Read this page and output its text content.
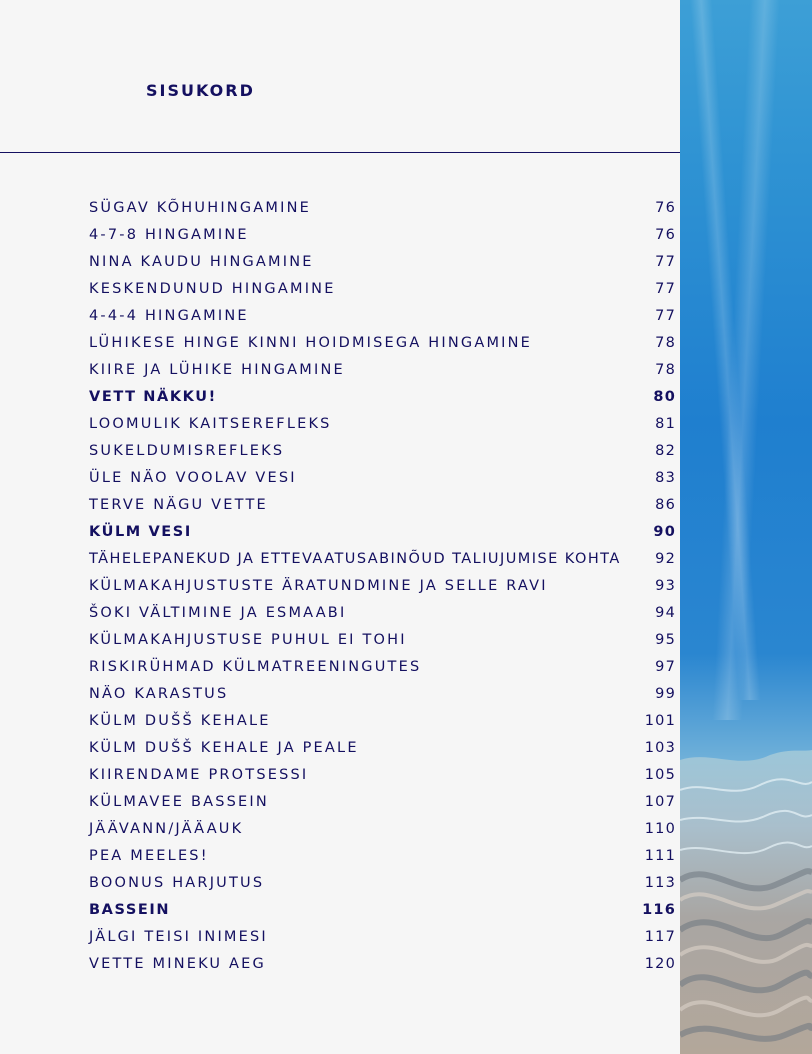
SISUKORD
SÜGAV KÕHUHINGAMINE	76
4-7-8 HINGAMINE	76
NINA KAUDU HINGAMINE	77
KESKENDUNUD HINGAMINE	77
4-4-4 HINGAMINE	77
LÜHIKESE HINGE KINNI HOIDMISEGA HINGAMINE	78
KIIRE JA LÜHIKE HINGAMINE	78
VETT NÄKKU!	80
LOOMULIK KAITSEREFLEKS	81
SUKELDUMISREFLEKS	82
ÜLE NÄO VOOLAV VESI	83
TERVE NÄGU VETTE	86
KÜLM VESI	90
TÄHELEPANEKUD JA ETTEVAATUSABINÕUD TALIUJUMISE KOHTA 92
KÜLMAKAHJUSTUSTE ÄRATUNDMINE JA SELLE RAVI	93
ŠOKI VÄLTIMINE JA ESMAABI	94
KÜLMAKAHJUSTUSE PUHUL EI TOHI	95
RISKIRÜHMAD KÜLMATREENINGUTES	97
NÄO KARASTUS	99
KÜLM DUŠŠ KEHALE	101
KÜLM DUŠŠ KEHALE JA PEALE	103
KIIRENDAME PROTSESSI	105
KÜLMAVEE BASSEIN	107
JÄÄVANN/JÄÄAUK	110
PEA MEELES!	111
BOONUS HARJUTUS	113
BASSEIN	116
JÄLGI TEISI INIMESI	117
VETTE MINEKU AEG	120
